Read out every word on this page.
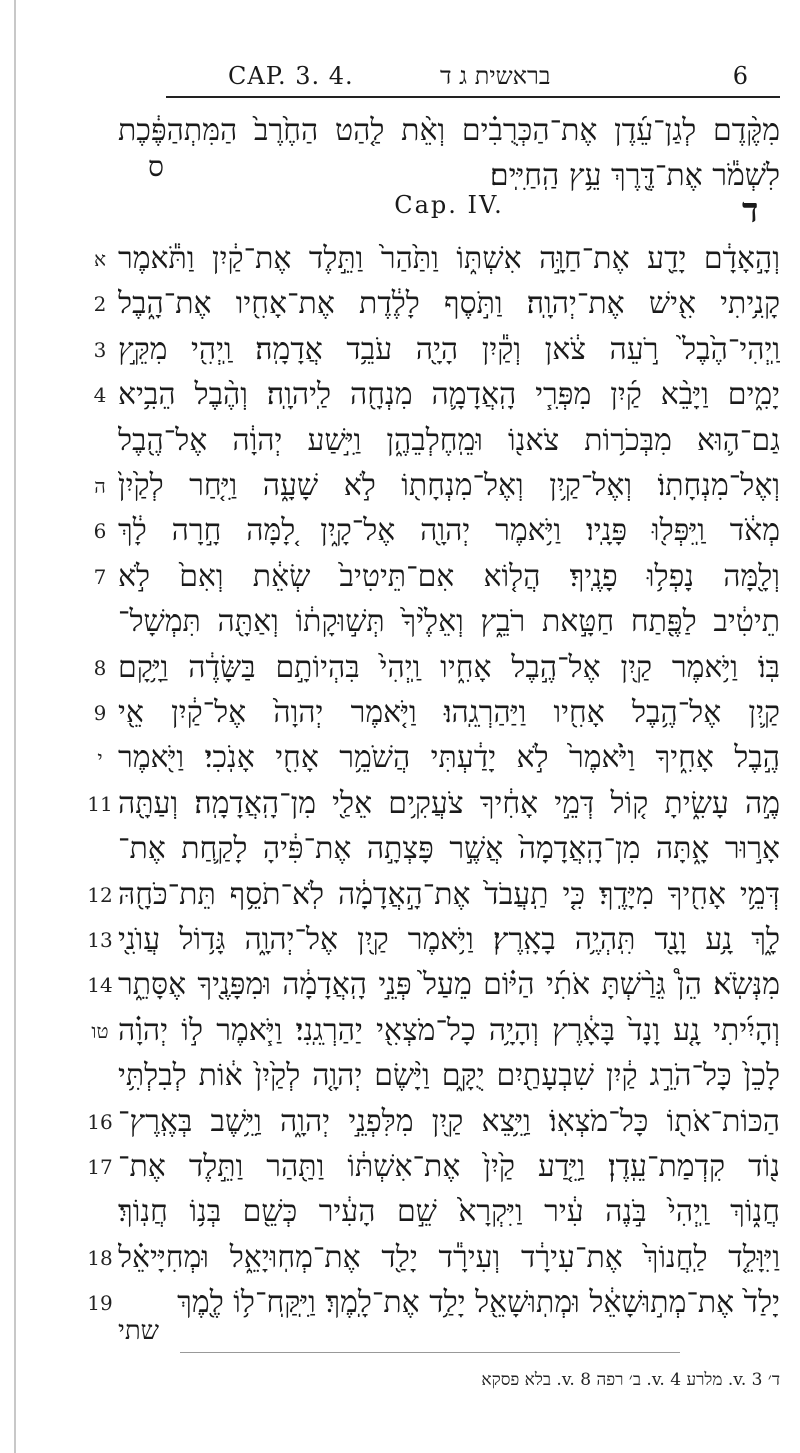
CAP. 3. 4.	בראשית ג ד	6
מִקֶּ֨דֶם לְגַן־עֵ֜דֶן אֶת־הַכְּרֻבִ֗ים וְאֵ֨ת לַ֤הַט הַחֶ֙רֶב֙ הַמִּתְהַפֶּ֔כֶת
לִשְׁמֹ֕ר אֶת־דֶּ֖רֶךְ עֵ֥ץ הַֽחַיִּֽים׃
ס
Cap. IV.	ד
א וְהָ֣אָדָ֔ם יָדַ֖ע אֶת־חַוָּ֣ה אִשְׁתּ֑וֹ וַתַּ֙הַר֙ וַתֵּ֣לֶד אֶת־קַ֔יִן וַתֹּ֕אמֶר
2 קָנִ֥יתִי אִ֖ישׁ אֶת־יְהוָֽה׃ וַתֹּ֣סֶף לָלֶ֔דֶת אֶת־אָחִ֖יו אֶת־הָ֑בֶל
3 וַֽיְהִי־הֶ֙בֶל֙ רֹ֣עֵה צֹ֔אן וְקַ֕יִן הָיָ֖ה עֹבֵ֥ד אֲדָמָֽה׃ וַֽיְהִ֖י מִקֵּ֣ץ
4 יָמִ֑ים וַיָּבֵ֨א קַ֜יִן מִפְּרִ֧י הָֽאֲדָמָ֛ה מִנְחָ֖ה לַֽיהוָֽה׃ וְהֶ֨בֶל הֵבִ֥יא
גַם־ה֛וּא מִבְּכֹר֥וֹת צֹאנ֖וֹ וּמֵֽחֶלְבֵהֶ֑ן וַיִּ֣שַׁע יְהוָ֔ה אֶל־הֶ֖בֶל
ה וְאֶל־מִנְחָתֽוֹ׃ וְאֶל־קַ֥יִן וְאֶל־מִנְחָת֖וֹ לֹ֣א שָׁעָ֑ה וַיִּ֤חַר לְקַ֙יִן֙
6 מְאֹ֔ד וַֽיִּפְּל֖וּ פָּנָֽיו׃ וַיֹּ֥אמֶר יְהוָ֖ה אֶל־קָ֑יִן לָ֚מָּה חָ֣רָה לָ֔ךְ
7 וְלָ֖מָּה נָפְל֥וּ פָנֶֽיךָ׃ הֲל֤וֹא אִם־תֵּיטִיב֙ שְׂאֵ֔ת וְאִם֙ לֹ֣א
תֵיטִ֔יב לַפֶּ֖תַח חַטָּ֣את רֹבֵ֑ץ וְאֵלֶ֙יךָ֙ תְּשׁ֣וּקָת֔וֹ וְאַתָּ֖ה תִּמְשָׁל־
8 בּֽוֹ׃ וַיֹּ֥אמֶר קַ֖יִן אֶל־הֶ֣בֶל אָחִ֑יו וַֽיְהִי֙ בִּהְיוֹתָ֣ם בַּשָּׂדֶ֔ה וַיָּ֥קָם
9 קַ֛יִן אֶל־הֶ֥בֶל אָחִ֖יו וַיַּהַרְגֵֽהוּ׃ וַיֹּ֤אמֶר יְהוָה֙ אֶל־קַ֔יִן אֵ֖י
י הֶ֣בֶל אָחִ֑יךָ וַיֹּ֙אמֶר֙ לֹ֣א יָדַ֔עְתִּי הֲשֹׁמֵ֥ר אָחִ֖י אָנֹֽכִי׃ וַיֹּ֖אמֶר
11 מֶ֣ה עָשִׂ֑יתָ ק֚וֹל דְּמֵ֣י אָחִ֔יךָ צֹעֲקִ֥ים אֵלַ֖י מִן־הָֽאֲדָמָֽה׃ וְעַתָּ֖ה
אָר֣וּר אָ֑תָּה מִן־הָֽאֲדָמָה֙ אֲשֶׁ֣ר פָּצְתָ֣ה אֶת־פִּ֔יהָ לָקַ֛חַת אֶת־
12 דְּמֵ֥י אָחִ֖יךָ מִיָּדֶֽךָ׃ כִּ֤י תַֽעֲבֹד֙ אֶת־הָ֣אֲדָמָ֔ה לֹֽא־תֹסֵ֥ף תֵּת־כֹּחָ֖הּ
13 לָ֑ךְ נָ֥ע וָנָ֖ד תִּֽהְיֶ֥ה בָאָֽרֶץ׃ וַיֹּ֥אמֶר קַ֖יִן אֶל־יְהוָ֑ה גָּד֥וֹל עֲוֺנִ֖י
14 מִנְּשֹֽׂא׃ הֵן֩ גֵּרַ֨שְׁתָּ אֹתִ֜י הַיּ֗וֹם מֵעַל֙ פְּנֵ֣י הָֽאֲדָמָ֔ה וּמִפָּנֶ֖יךָ אֶסָּתֵ֑ר
טו וְהָיִ֜יתִי נָ֤ע וָנָד֙ בָּאָ֔רֶץ וְהָיָ֥ה כָל־מֹצְאִ֖י יַהַרְגֵֽנִי׃ וַיֹּ֧אמֶר ל֣וֹ יְהוָ֗ה
לָכֵן֙ כָּל־הֹרֵ֣ג קַ֔יִן שִׁבְעָתַ֖יִם יֻקָּ֑ם וַיָּ֨שֶׂם יְהוָ֤ה לְקַ֙יִן֙ א֔וֹת לְבִלְתִּ֥י
16 הַכּוֹת־אֹת֖וֹ כָּל־מֹצְאֽוֹ׃ וַיֵּ֥צֵא קַ֖יִן מִלִּפְנֵ֣י יְהוָ֑ה וַיֵּ֥שֶׁב בְּאֶֽרֶץ־
17 נ֖וֹד קִדְמַת־עֵֽדֶן׃ וַיֵּ֤דַע קַ֙יִן֙ אֶת־אִשְׁתּ֔וֹ וַתַּ֖הַר וַתֵּ֣לֶד אֶת־
חֲנ֑וֹךְ וַֽיְהִי֙ בֹּ֣נֶה עִ֔יר וַיִּקְרָא֙ שֵׁ֣ם הָעִ֔יר כְּשֵׁ֖ם בְּנ֥וֹ חֲנֽוֹךְ׃
18 וַיִּוָּלֵ֤ד לַֽחֲנוֹךְ֙ אֶת־עִירָ֔ד וְעִירָ֕ד יָלַ֖ד אֶת־מְחֽוּיָאֵ֑ל וּמְחִיָּיאֵ֗ל
19	יָלַד֙ אֶת־מְת֣וּשָׁאֵ֔ל וּמְתֽוּשָׁאֵ֖ל יָלַ֥ד אֶת־לָֽמֶךְ׃ וַיִּֽקַּֽח־ל֥וֹ לֶ֖מֶךְ
שתי
ד׳ v. 3. מלרע v. 4. ב׳ רפה v. 8. בלא פסקא
